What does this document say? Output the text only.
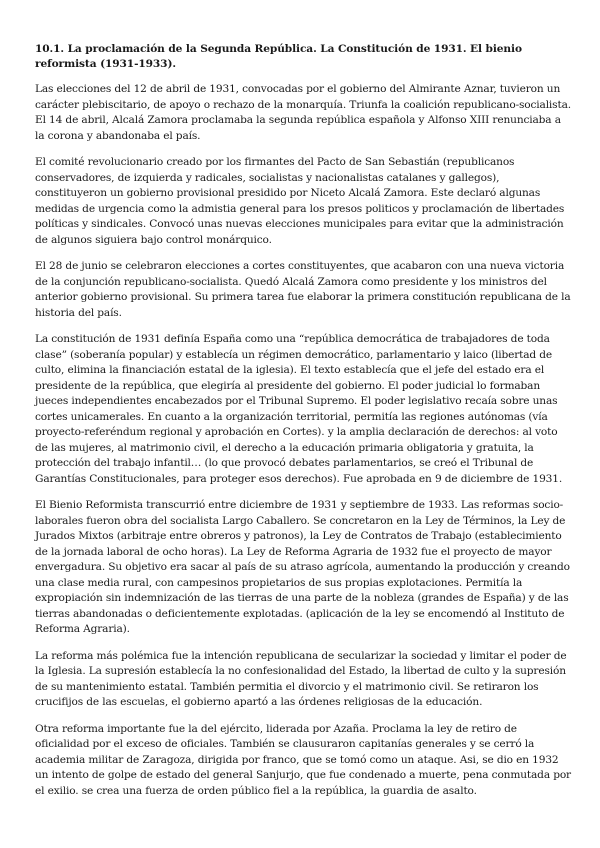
10.1. La proclamación de la Segunda República. La Constitución de 1931. El bienio reformista (1931-1933).

Las elecciones del 12 de abril de 1931, convocadas por el gobierno del Almirante Aznar, tuvieron un carácter plebiscitario, de apoyo o rechazo de la monarquía. Triunfa la coalición republicano-socialista. El 14 de abril, Alcalá Zamora proclamaba la segunda república española y Alfonso XIII renunciaba a la corona y abandonaba el país.

El comité revolucionario creado por los firmantes del Pacto de San Sebastián (republicanos conservadores, de izquierda y radicales, socialistas y nacionalistas catalanes y gallegos), constituyeron un gobierno provisional presidido por Niceto Alcalá Zamora. Este declaró algunas medidas de urgencia como la admistia general para los presos politicos y proclamación de libertades políticas y sindicales. Convocó unas nuevas elecciones municipales para evitar que la administración de algunos siguiera bajo control monárquico.

El 28 de junio se celebraron elecciones a cortes constituyentes, que acabaron con una nueva victoria de la conjunción republicano-socialista. Quedó Alcalá Zamora como presidente y los ministros del anterior gobierno provisional. Su primera tarea fue elaborar la primera constitución republicana de la historia del país.

La constitución de 1931 definía España como una “república democrática de trabajadores de toda clase” (soberanía popular) y establecía un régimen democrático, parlamentario y laico (libertad de culto, elimina la financiación estatal de la iglesia). El texto establecía que el jefe del estado era el presidente de la república, que elegiría al presidente del gobierno. El poder judicial lo formaban jueces independientes encabezados por el Tribunal Supremo. El poder legislativo recaía sobre unas cortes unicamerales. En cuanto a la organización territorial, permitía las regiones autónomas (vía proyecto-referéndum regional y aprobación en Cortes). y la amplia declaración de derechos: al voto de las mujeres, al matrimonio civil, el derecho a la educación primaria obligatoria y gratuita, la protección del trabajo infantil… (lo que provocó debates parlamentarios, se creó el Tribunal de Garantías Constitucionales, para proteger esos derechos). Fue aprobada en 9 de diciembre de 1931.

El Bienio Reformista transcurrió entre diciembre de 1931 y septiembre de 1933. Las reformas socio-laborales fueron obra del socialista Largo Caballero. Se concretaron en la Ley de Términos, la Ley de Jurados Mixtos (arbitraje entre obreros y patronos), la Ley de Contratos de Trabajo (establecimiento de la jornada laboral de ocho horas). La Ley de Reforma Agraria de 1932 fue el proyecto de mayor envergadura. Su objetivo era sacar al país de su atraso agrícola, aumentando la producción y creando una clase media rural, con campesinos propietarios de sus propias explotaciones. Permitía la expropiación sin indemnización de las tierras de una parte de la nobleza (grandes de España) y de las tierras abandonadas o deficientemente explotadas. (aplicación de la ley se encomendó al Instituto de Reforma Agraria).

La reforma más polémica fue la intención republicana de secularizar la sociedad y limitar el poder de la Iglesia. La supresión establecía la no confesionalidad del Estado, la libertad de culto y la supresión de su mantenimiento estatal. También permitia el divorcio y el matrimonio civil. Se retiraron los crucifijos de las escuelas, el gobierno apartó a las órdenes religiosas de la educación.

Otra reforma importante fue la del ejército, liderada por Azaña. Proclama la ley de retiro de oficialidad por el exceso de oficiales. También se clausuraron capitanías generales y se cerró la academia militar de Zaragoza, dirigida por franco, que se tomó como un ataque. Asi, se dio en 1932 un intento de golpe de estado del general Sanjurjo, que fue condenado a muerte, pena conmutada por el exilio. se crea una fuerza de orden público fiel a la república, la guardia de asalto.
